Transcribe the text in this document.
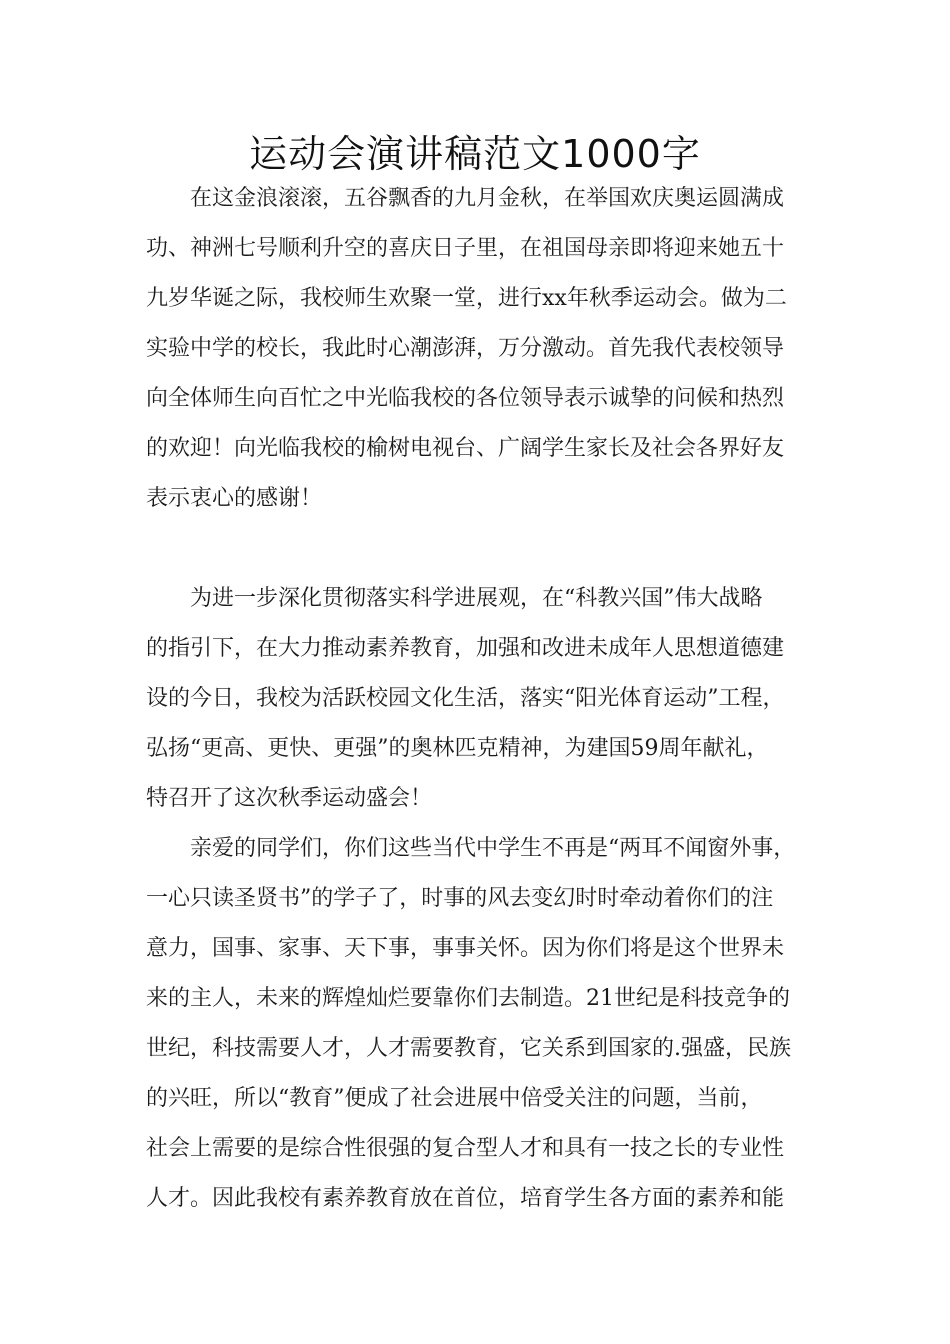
运动会演讲稿范文1000字
在这金浪滚滚，五谷飘香的九月金秋，在举国欢庆奥运圆满成
功、神洲七号顺利升空的喜庆日子里，在祖国母亲即将迎来她五十
九岁华诞之际，我校师生欢聚一堂，进行xx年秋季运动会。做为二
实验中学的校长，我此时心潮澎湃，万分激动。首先我代表校领导
向全体师生向百忙之中光临我校的各位领导表示诚挚的问候和热烈
的欢迎！向光临我校的榆树电视台、广阔学生家长及社会各界好友
表示衷心的感谢！
为进一步深化贯彻落实科学进展观，在“科教兴国”伟大战略
的指引下，在大力推动素养教育，加强和改进未成年人思想道德建
设的今日，我校为活跃校园文化生活，落实“阳光体育运动”工程，
弘扬“更高、更快、更强”的奥林匹克精神，为建国59周年献礼，
特召开了这次秋季运动盛会！
亲爱的同学们，你们这些当代中学生不再是“两耳不闻窗外事，
一心只读圣贤书”的学子了，时事的风去变幻时时牵动着你们的注
意力，国事、家事、天下事，事事关怀。因为你们将是这个世界未
来的主人，未来的辉煌灿烂要靠你们去制造。21世纪是科技竞争的
世纪，科技需要人才，人才需要教育，它关系到国家的.强盛，民族
的兴旺，所以“教育”便成了社会进展中倍受关注的问题，当前，
社会上需要的是综合性很强的复合型人才和具有一技之长的专业性
人才。因此我校有素养教育放在首位，培育学生各方面的素养和能
